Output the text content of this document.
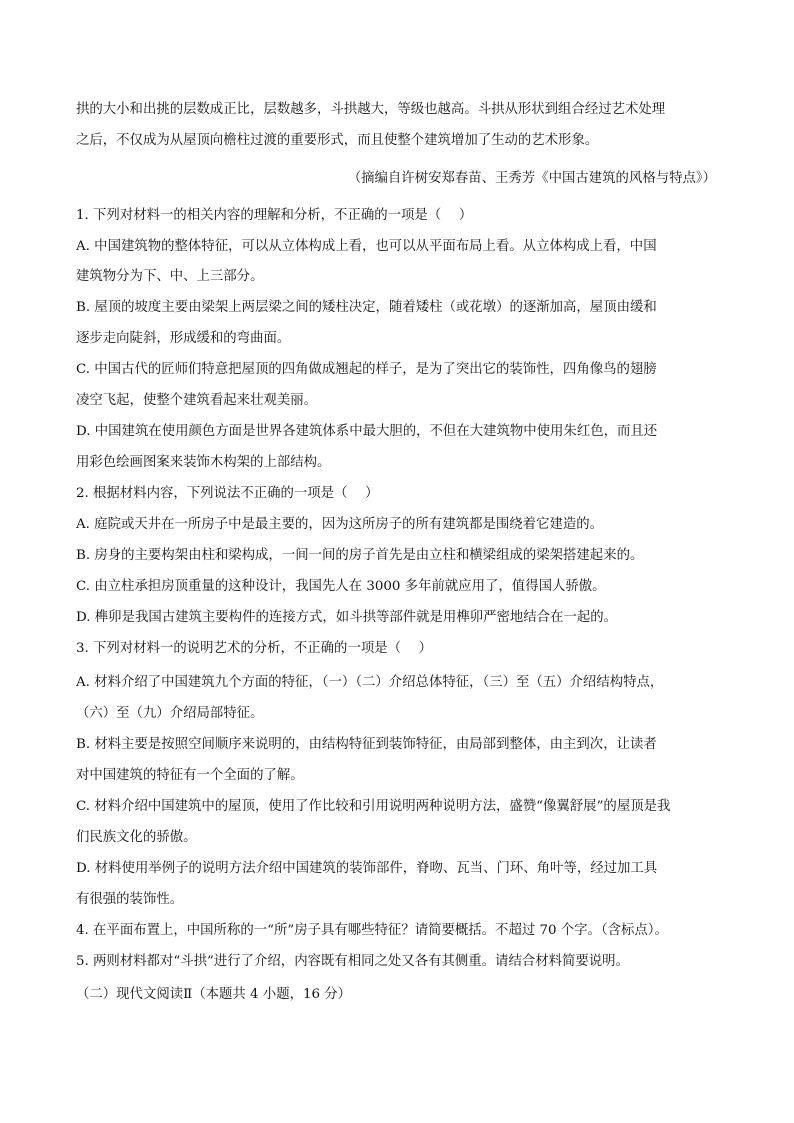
拱的大小和出挑的层数成正比，层数越多，斗拱越大，等级也越高。斗拱从形状到组合经过艺术处理
之后，不仅成为从屋顶向檐柱过渡的重要形式，而且使整个建筑增加了生动的艺术形象。
（摘编自许树安郑春苗、王秀芳《中国古建筑的风格与特点》）
1. 下列对材料一的相关内容的理解和分析，不正确的一项是（　 ）
A. 中国建筑物的整体特征，可以从立体构成上看，也可以从平面布局上看。从立体构成上看，中国
建筑物分为下、中、上三部分。
B. 屋顶的坡度主要由梁架上两层梁之间的矮柱决定，随着矮柱（或花墩）的逐渐加高，屋顶由缓和
逐步走向陡斜，形成缓和的弯曲面。
C. 中国古代的匠师们特意把屋顶的四角做成翘起的样子，是为了突出它的装饰性，四角像鸟的翅膀
凌空飞起，使整个建筑看起来壮观美丽。
D. 中国建筑在使用颜色方面是世界各建筑体系中最大胆的，不但在大建筑物中使用朱红色，而且还
用彩色绘画图案来装饰木构架的上部结构。
2. 根据材料内容，下列说法不正确的一项是（　 ）
A. 庭院或天井在一所房子中是最主要的，因为这所房子的所有建筑都是围绕着它建造的。
B. 房身的主要构架由柱和梁构成，一间一间的房子首先是由立柱和横梁组成的梁架搭建起来的。
C. 由立柱承担房顶重量的这种设计，我国先人在 3000 多年前就应用了，值得国人骄傲。
D. 榫卯是我国古建筑主要构件的连接方式，如斗拱等部件就是用榫卯严密地结合在一起的。
3. 下列对材料一的说明艺术的分析，不正确的一项是（　 ）
A. 材料介绍了中国建筑九个方面的特征，（一）（二）介绍总体特征，（三）至（五）介绍结构特点，
（六）至（九）介绍局部特征。
B. 材料主要是按照空间顺序来说明的，由结构特征到装饰特征，由局部到整体，由主到次，让读者
对中国建筑的特征有一个全面的了解。
C. 材料介绍中国建筑中的屋顶，使用了作比较和引用说明两种说明方法，盛赞“像翼舒展”的屋顶是我
们民族文化的骄傲。
D. 材料使用举例子的说明方法介绍中国建筑的装饰部件，脊吻、瓦当、门环、角叶等，经过加工具
有很强的装饰性。
4. 在平面布置上，中国所称的一“所”房子具有哪些特征？请简要概括。不超过 70 个字。（含标点）。
5. 两则材料都对“斗拱”进行了介绍，内容既有相同之处又各有其侧重。请结合材料简要说明。
（二）现代文阅读Ⅱ（本题共 4 小题，16 分）
